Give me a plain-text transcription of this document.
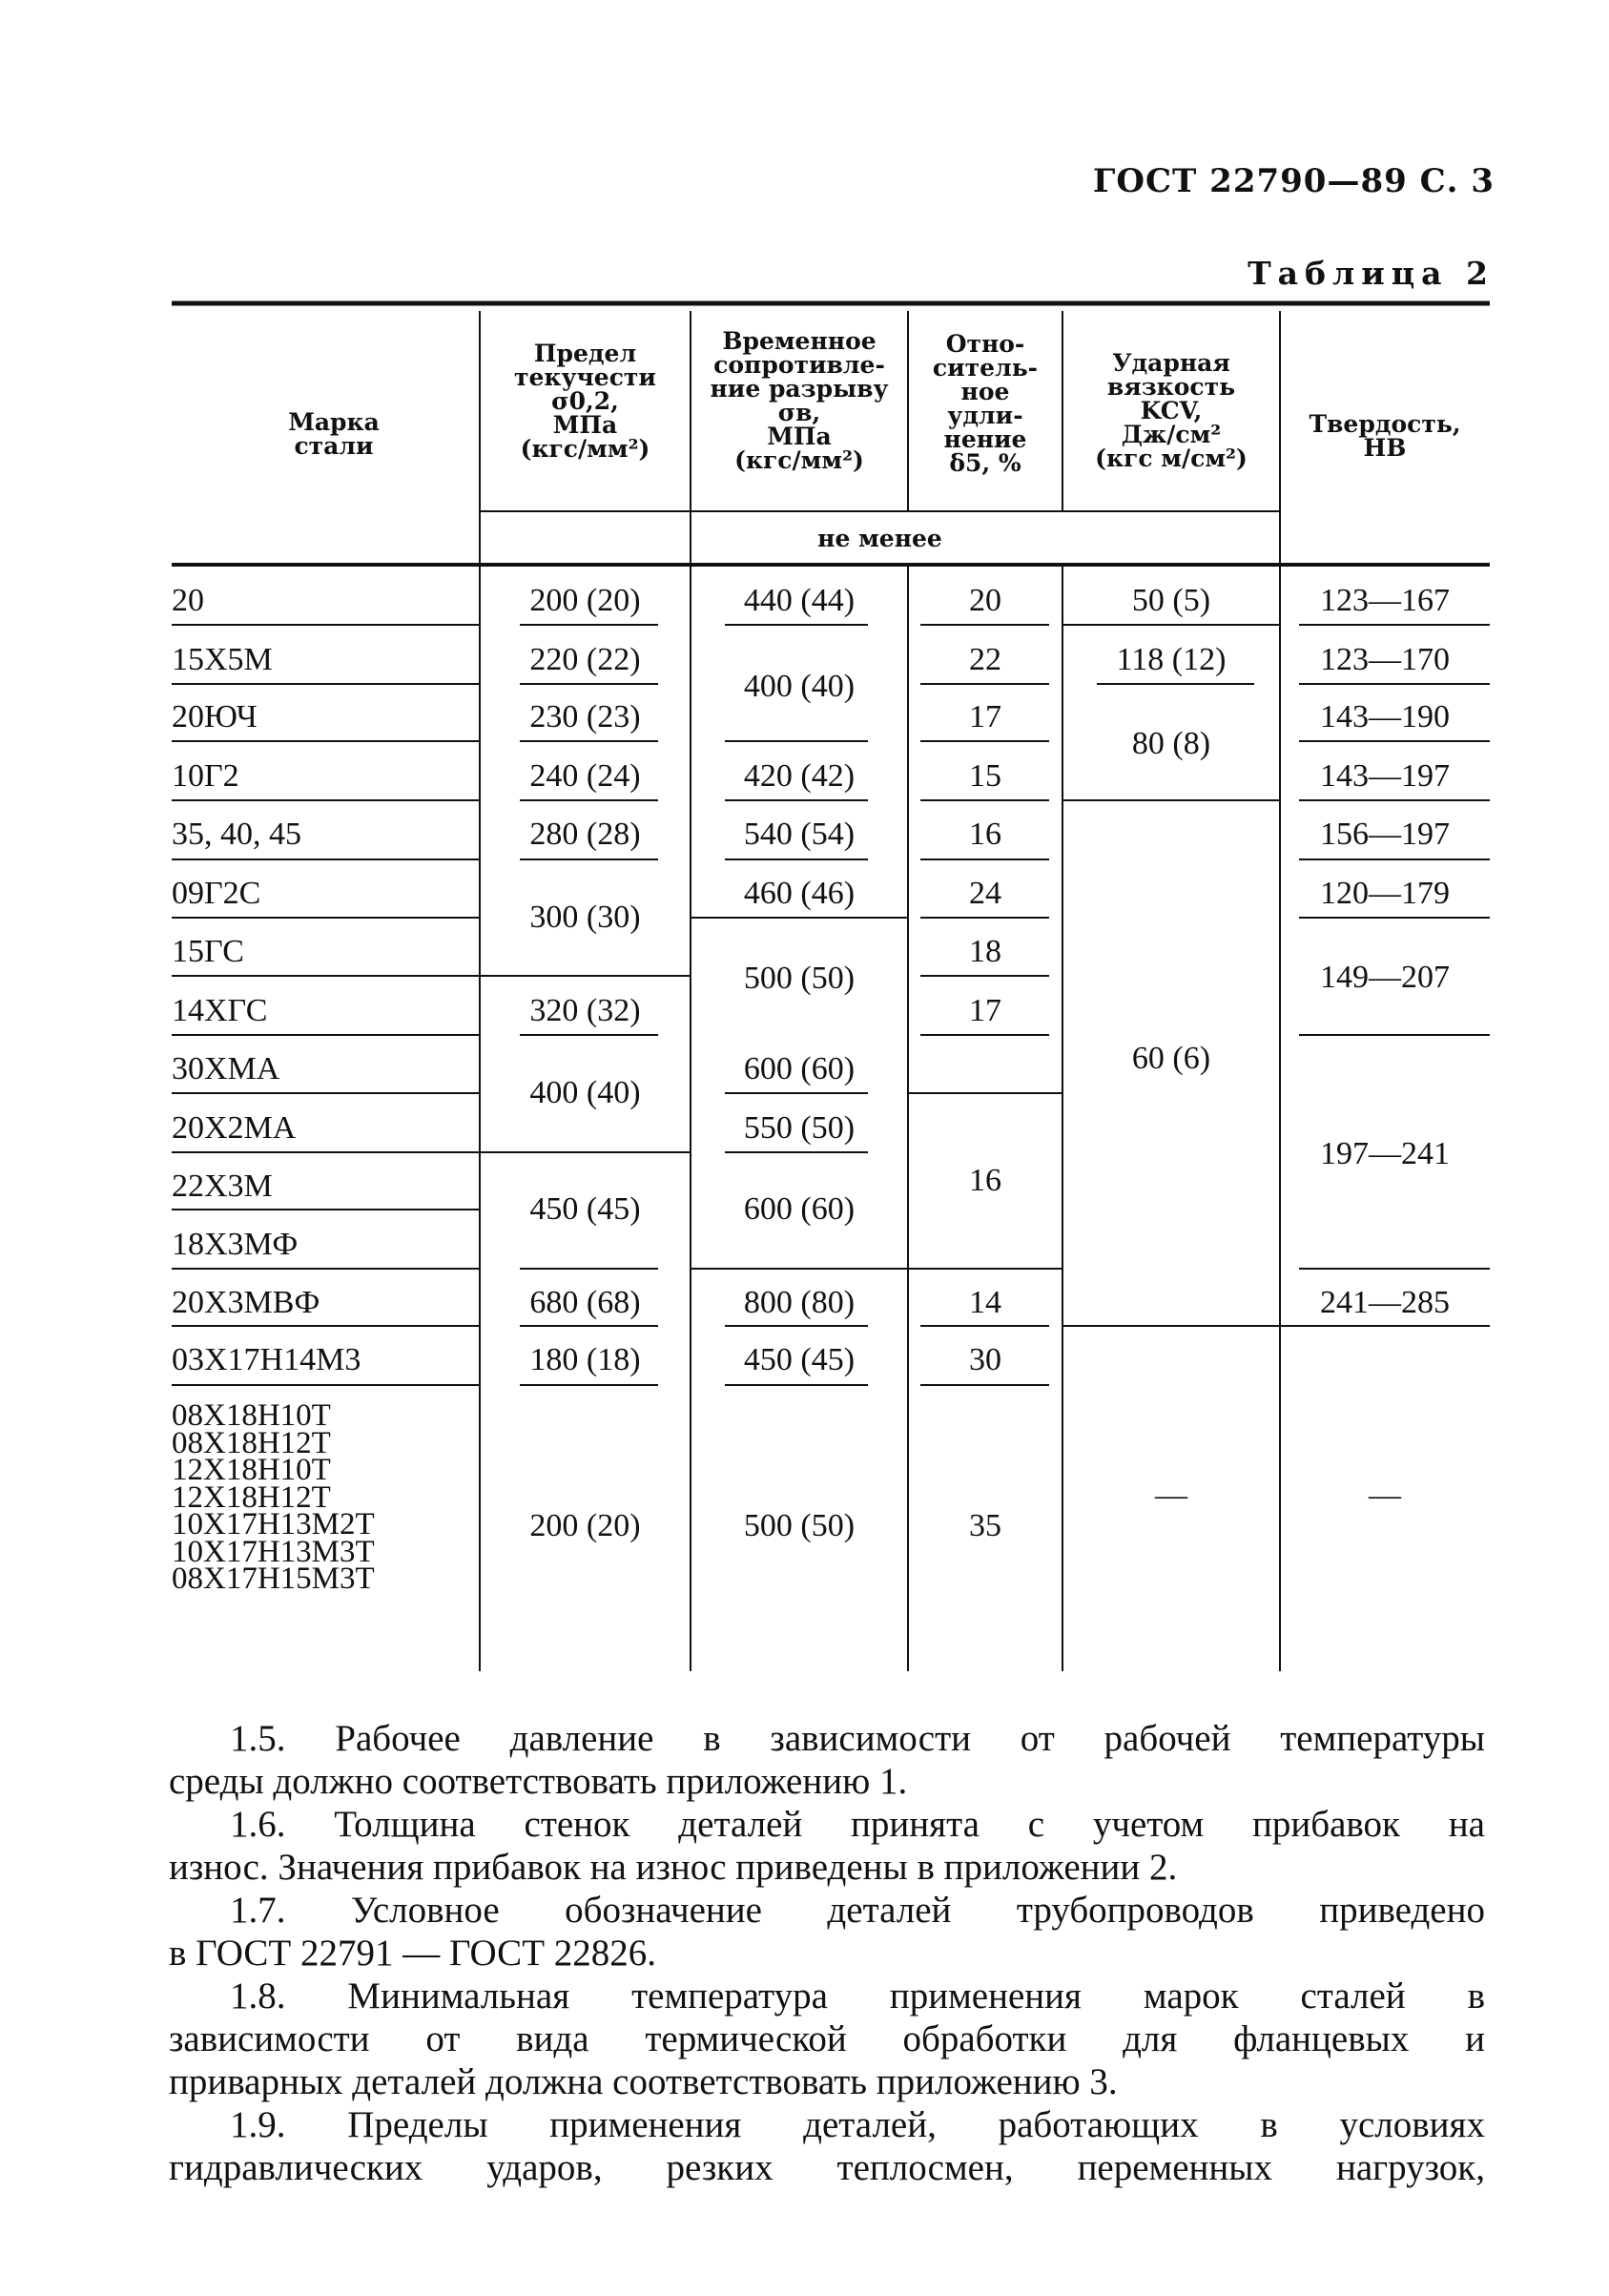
ГОСТ 22790—89 С. 3
Таблица 2
Марка
стали
Предел
текучести
σ0,2,
МПа
(кгс/мм²)
Временное
сопротивле-
ние разрыву
σв,
МПа
(кгс/мм²)
Отно-
ситель-
ное
удли-
нение
δ5, %
Ударная
вязкость
KCV,
Дж/см²
(кгс м/см²)
Твердость,
НВ
не менее
20
15Х5М
20ЮЧ
10Г2
35, 40, 45
09Г2С
15ГС
14ХГС
30ХМА
20Х2МА
22Х3М
18Х3МФ
20Х3МВФ
03Х17Н14М3
08Х18Н10Т
08Х18Н12Т
12Х18Н10Т
12Х18Н12Т
10Х17Н13М2Т
10Х17Н13М3Т
08Х17Н15М3Т
200 (20)
220 (22)
230 (23)
240 (24)
280 (28)
300 (30)
320 (32)
400 (40)
450 (45)
680 (68)
180 (18)
200 (20)
440 (44)
400 (40)
420 (42)
540 (54)
460 (46)
500 (50)
600 (60)
550 (50)
600 (60)
800 (80)
450 (45)
500 (50)
20
22
17
15
16
24
18
17
16
14
30
35
50 (5)
118 (12)
80 (8)
60 (6)
—
123—167
123—170
143—190
143—197
156—197
120—179
149—207
197—241
241—285
—
1.5. Рабочее давление в зависимости от рабочей температуры
среды должно соответствовать приложению 1.
1.6. Толщина стенок деталей принята с учетом прибавок на
износ. Значения прибавок на износ приведены в приложении 2.
1.7. Условное обозначение деталей трубопроводов приведено
в ГОСТ 22791 — ГОСТ 22826.
1.8. Минимальная температура применения марок сталей в
зависимости от вида термической обработки для фланцевых и
приварных деталей должна соответствовать приложению 3.
1.9. Пределы применения деталей, работающих в условиях
гидравлических ударов, резких теплосмен, переменных нагрузок,
